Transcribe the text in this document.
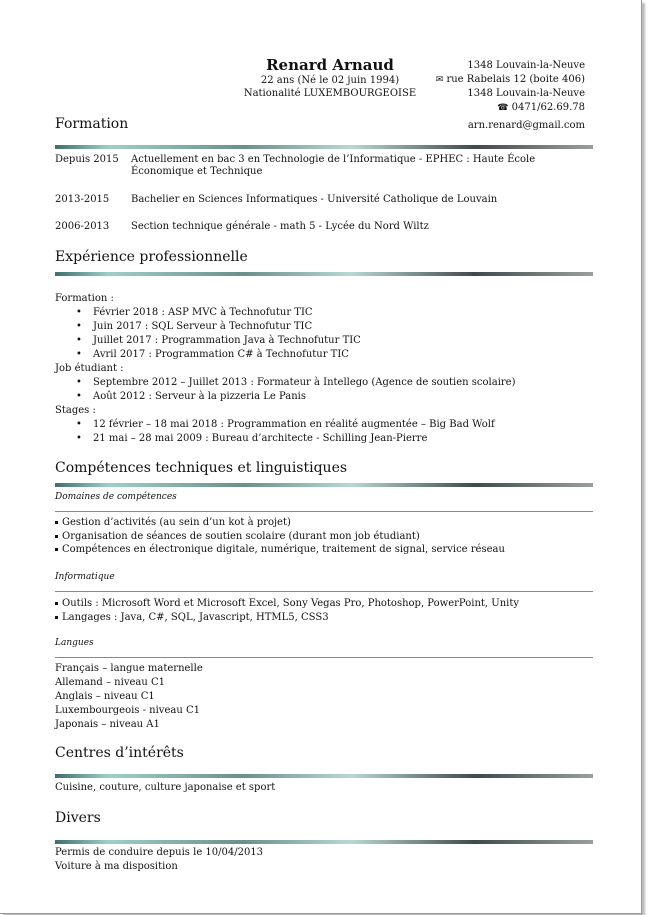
Renard Arnaud
22 ans (Né le 02 juin 1994)
Nationalité LUXEMBOURGEOISE
1348 Louvain-la-Neuve
✉ rue Rabelais 12 (boite 406)
1348 Louvain-la-Neuve
☎ 0471/62.69.78
arn.renard@gmail.com
Formation
Depuis 2015 Actuellement en bac 3 en Technologie de l’Informatique - EPHEC : Haute École Économique et Technique
2013-2015 Bachelier en Sciences Informatiques - Université Catholique de Louvain
2006-2013 Section technique générale - math 5 - Lycée du Nord Wiltz
Expérience professionnelle
Formation :
• Février 2018 : ASP MVC à Technofutur TIC
• Juin 2017 : SQL Serveur à Technofutur TIC
• Juillet 2017 : Programmation Java à Technofutur TIC
• Avril 2017 : Programmation C# à Technofutur TIC
Job étudiant :
• Septembre 2012 – Juillet 2013 : Formateur à Intellego (Agence de soutien scolaire)
• Août 2012 : Serveur à la pizzeria Le Panis
Stages :
• 12 février – 18 mai 2018 : Programmation en réalité augmentée – Big Bad Wolf
• 21 mai – 28 mai 2009 : Bureau d’architecte - Schilling Jean-Pierre
Compétences techniques et linguistiques
Domaines de compétences
Gestion d’activités (au sein d’un kot à projet)
Organisation de séances de soutien scolaire (durant mon job étudiant)
Compétences en électronique digitale, numérique, traitement de signal, service réseau
Informatique
Outils : Microsoft Word et Microsoft Excel, Sony Vegas Pro, Photoshop, PowerPoint, Unity
Langages : Java, C#, SQL, Javascript, HTML5, CSS3
Langues
Français – langue maternelle
Allemand – niveau C1
Anglais – niveau C1
Luxembourgeois - niveau C1
Japonais – niveau A1
Centres d’intérêts
Cuisine, couture, culture japonaise et sport
Divers
Permis de conduire depuis le 10/04/2013
Voiture à ma disposition
